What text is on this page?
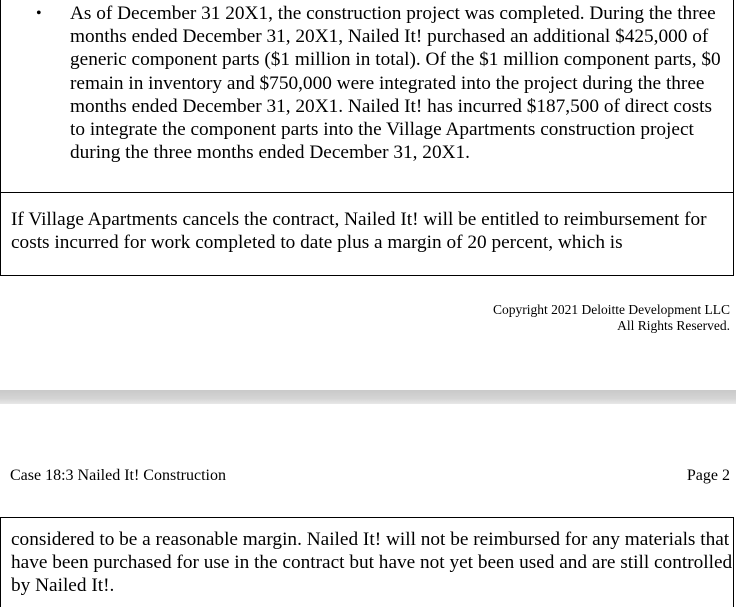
• As of December 31 20X1, the construction project was completed. During the three months ended December 31, 20X1, Nailed It! purchased an additional $425,000 of generic component parts ($1 million in total). Of the $1 million component parts, $0 remain in inventory and $750,000 were integrated into the project during the three months ended December 31, 20X1. Nailed It! has incurred $187,500 of direct costs to integrate the component parts into the Village Apartments construction project during the three months ended December 31, 20X1.
If Village Apartments cancels the contract, Nailed It! will be entitled to reimbursement for costs incurred for work completed to date plus a margin of 20 percent, which is
Copyright 2021 Deloitte Development LLC
All Rights Reserved.
Case 18:3 Nailed It! Construction	Page 2
considered to be a reasonable margin. Nailed It! will not be reimbursed for any materials that have been purchased for use in the contract but have not yet been used and are still controlled by Nailed It!.
